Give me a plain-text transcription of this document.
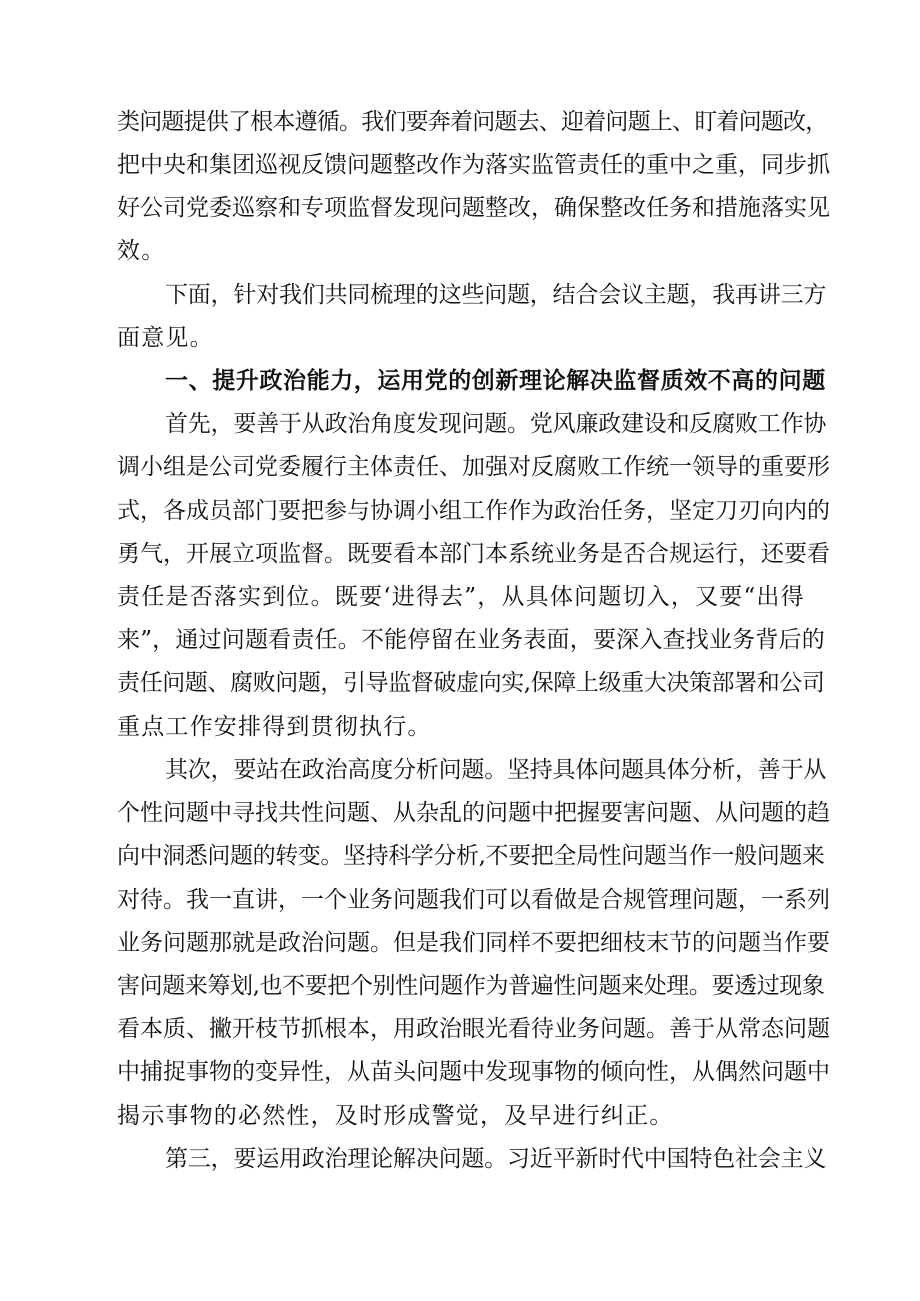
类问题提供了根本遵循。我们要奔着问题去、迎着问题上、盯着问题改，
把中央和集团巡视反馈问题整改作为落实监管责任的重中之重，同步抓
好公司党委巡察和专项监督发现问题整改，确保整改任务和措施落实见
效。
下面，针对我们共同梳理的这些问题，结合会议主题，我再讲三方
面意见。
一、提升政治能力，运用党的创新理论解决监督质效不高的问题
首先，要善于从政治角度发现问题。党风廉政建设和反腐败工作协
调小组是公司党委履行主体责任、加强对反腐败工作统一领导的重要形
式，各成员部门要把参与协调小组工作作为政治任务，坚定刀刃向内的
勇气，开展立项监督。既要看本部门本系统业务是否合规运行，还要看
责任是否落实到位。既要‘进得去”，从具体问题切入，又要“出得
来”，通过问题看责任。不能停留在业务表面，要深入查找业务背后的
责任问题、腐败问题，引导监督破虚向实,保障上级重大决策部署和公司
重点工作安排得到贯彻执行。
其次，要站在政治高度分析问题。坚持具体问题具体分析，善于从
个性问题中寻找共性问题、从杂乱的问题中把握要害问题、从问题的趋
向中洞悉问题的转变。坚持科学分析,不要把全局性问题当作一般问题来
对待。我一直讲，一个业务问题我们可以看做是合规管理问题，一系列
业务问题那就是政治问题。但是我们同样不要把细枝末节的问题当作要
害问题来筹划,也不要把个别性问题作为普遍性问题来处理。要透过现象
看本质、撇开枝节抓根本，用政治眼光看待业务问题。善于从常态问题
中捕捉事物的变异性，从苗头问题中发现事物的倾向性，从偶然问题中
揭示事物的必然性，及时形成警觉，及早进行纠正。
第三，要运用政治理论解决问题。习近平新时代中国特色社会主义
